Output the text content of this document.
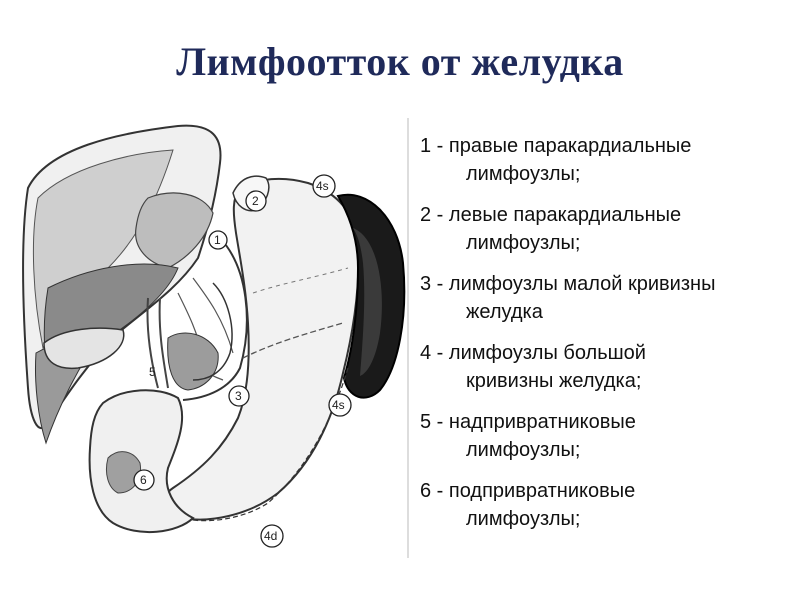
Лимфоотток от желудка
1
2
3
4s
4s
4d
5
6
1 - правые паракардиальные
лимфоузлы;
2 - левые паракардиальные
лимфоузлы;
3 - лимфоузлы малой кривизны
желудка
4 - лимфоузлы большой
кривизны желудка;
5 - надпривратниковые
лимфоузлы;
6 - подпривратниковые
лимфоузлы;
